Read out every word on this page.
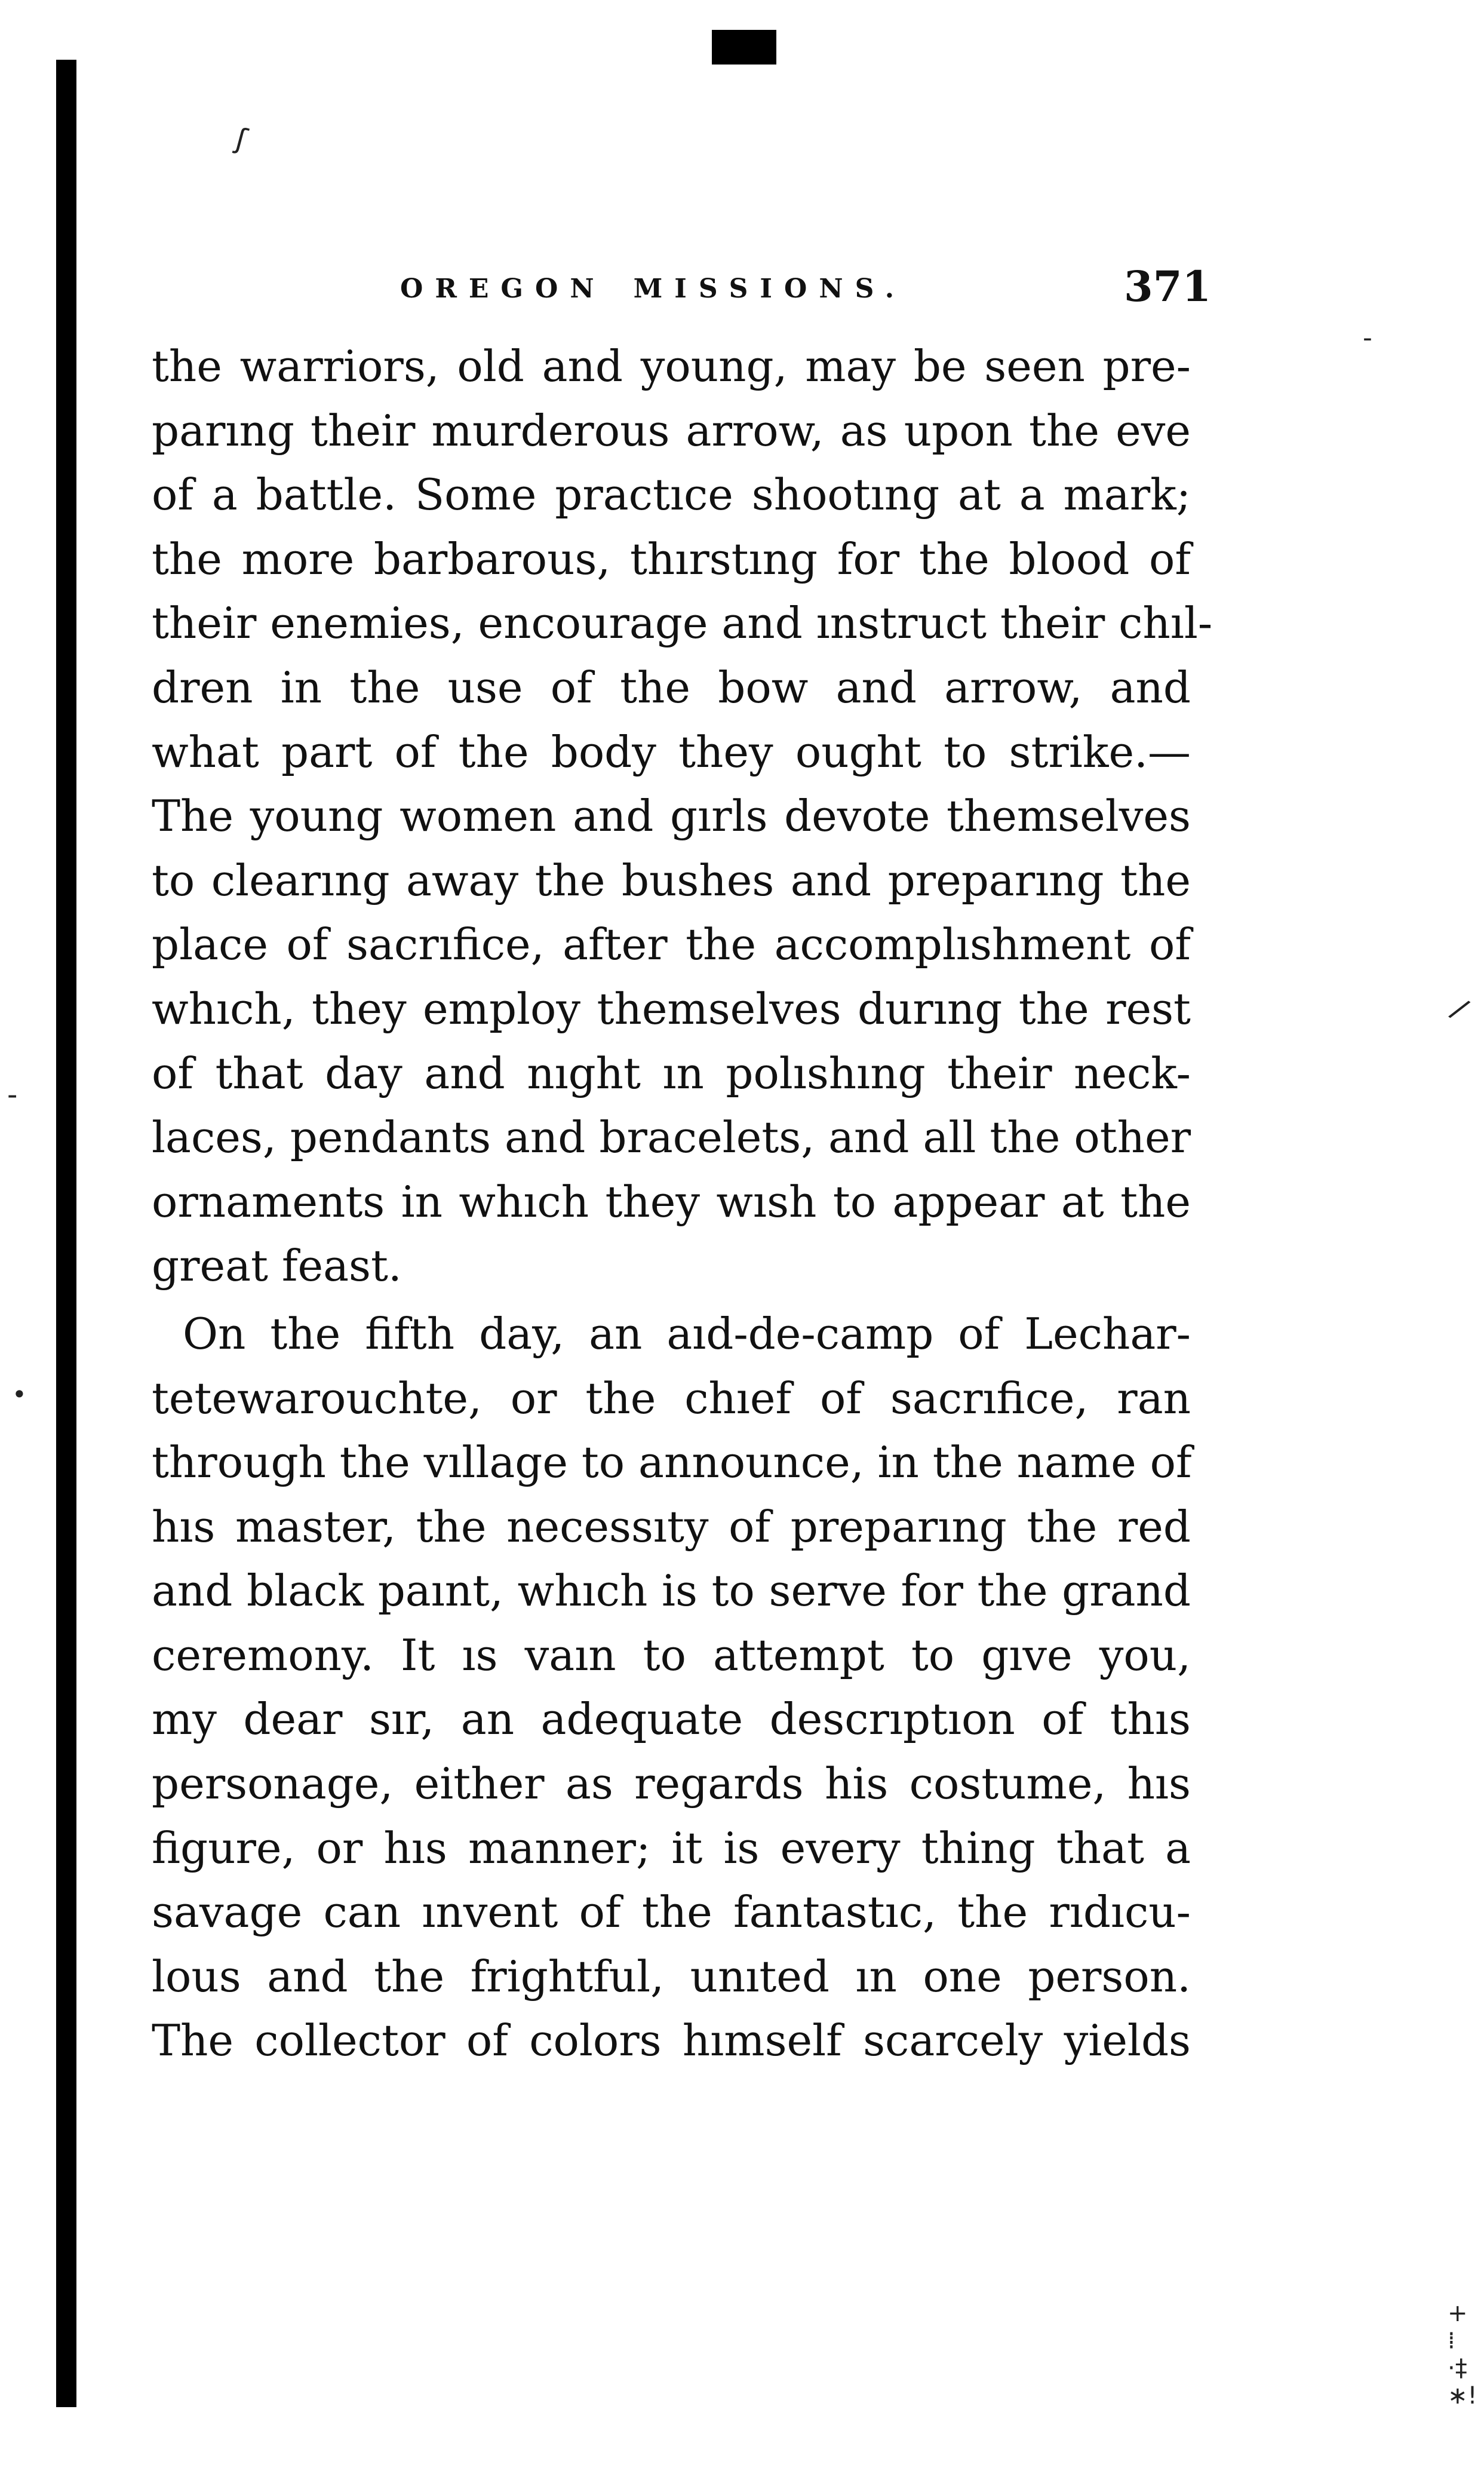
ʃ
-
/
-
•
+
⁞
·‡
∗!
OREGON MISSIONS.	371
the warriors, old and young, may be seen pre-
parıng their murderous arrow, as upon the eve
of a battle. Some practıce shootıng at a mark;
the more barbarous, thırstıng for the blood of
their enemies, encourage and ınstruct their chıl-
dren in the use of the bow and arrow, and
what part of the body they ought to strike.—
The young women and gırls devote themselves
to clearıng away the bushes and preparıng the
place of sacrıfice, after the accomplıshment of
whıch, they employ themselves durıng the rest
of that day and nıght ın polıshıng their neck-
laces, pendants and bracelets, and all the other
ornaments in whıch they wısh to appear at the
great feast.
On the fifth day, an aıd-de-camp of Lechar-
tetewarouchte, or the chıef of sacrıfice, ran
through the vıllage to announce, in the name of
hıs master, the necessıty of preparıng the red
and black paınt, whıch is to serve for the grand
ceremony. It ıs vaın to attempt to gıve you,
my dear sır, an adequate descrıptıon of thıs
personage, either as regards his costume, hıs
figure, or hıs manner; it is every thing that a
savage can ınvent of the fantastıc, the rıdıcu-
lous and the frightful, unıted ın one person.
The collector of colors hımself scarcely yields
